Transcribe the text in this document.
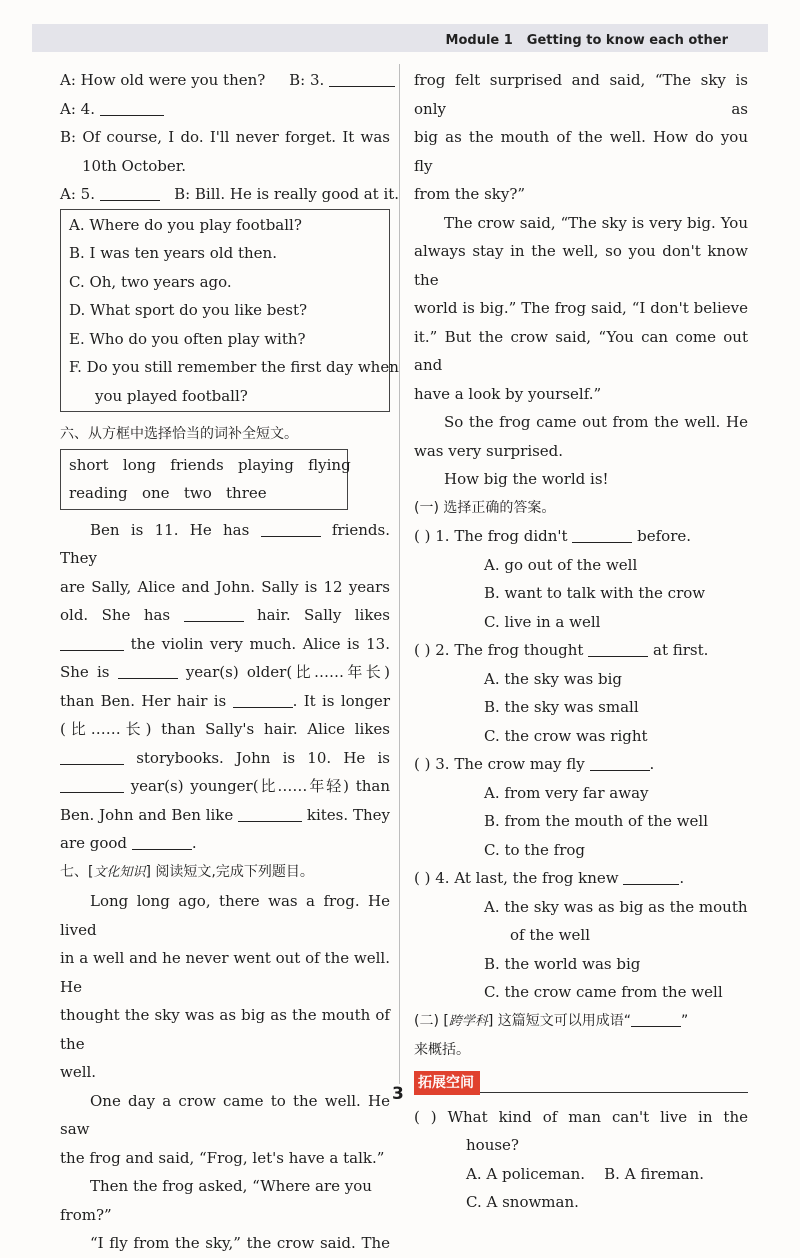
Module 1 Getting to know each other

A: How old were you then? B: 3.

A: 4.

B: Of course, I do. I'll never forget. It was

10th October.

A: 5.	B: Bill. He is really good at it.

A. Where do you play football?

B. I was ten years old then.

C. Oh, two years ago.

D. What sport do you like best?

E. Who do you often play with?

F. Do you still remember the first day when

you played football?

六、从方框中选择恰当的词补全短文。

short   long   friends   playing   flying

reading   one   two   three

Ben is 11. He has	friends. They

are Sally, Alice and John. Sally is 12 years

old. She has	hair. Sally likes

the violin very much. Alice is 13.

She is	year(s) older(比……年长)

than Ben. Her hair is	. It is longer

(比……长) than Sally's hair. Alice likes

storybooks. John is 10. He is

year(s) younger(比……年轻) than

Ben. John and Ben like	kites. They

are good	.

七、[文化知识] 阅读短文,完成下列题目。

Long long ago, there was a frog. He lived

in a well and he never went out of the well. He

thought the sky was as big as the mouth of the

well.

One day a crow came to the well. He saw

the frog and said, “Frog, let's have a talk.”

Then the frog asked, “Where are you from?”

“I fly from the sky,” the crow said. The

frog felt surprised and said, “The sky is only as

big as the mouth of the well. How do you fly

from the sky?”

The crow said, “The sky is very big. You

always stay in the well, so you don't know the

world is big.” The frog said, “I don't believe

it.” But the crow said, “You can come out and

have a look by yourself.”

So the frog came out from the well. He

was very surprised.

How big the world is!

(一) 选择正确的答案。

( ) 1. The frog didn't	before.

A. go out of the well

B. want to talk with the crow

C. live in a well

( ) 2. The frog thought	at first.

A. the sky was big

B. the sky was small

C. the crow was right

( ) 3. The crow may fly	.

A. from very far away

B. from the mouth of the well

C. to the frog

( ) 4. At last, the frog knew	.

A. the sky was as big as the mouth

of the well

B. the world was big

C. the crow came from the well

(二) [跨学科] 这篇短文可以用成语“	”

来概括。

拓展空间

( ) What kind of man can't live in the

house?

A. A policeman. B. A fireman.

C. A snowman.

3
